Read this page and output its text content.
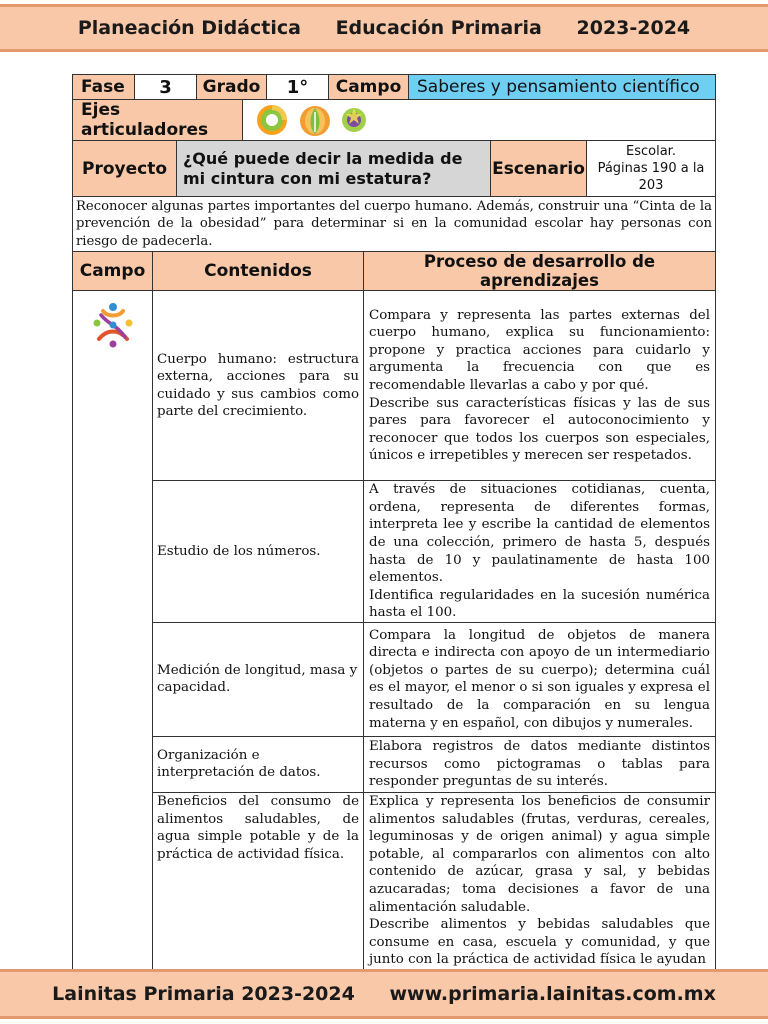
Planeación Didáctica Educación Primaria 2023-2024
Fase	3	Grado	1°	Campo	Saberes y pensamiento científico
Ejes articuladores	
Proyecto	¿Qué puede decir la medida de mi cintura con mi estatura?	Escenario	
Escolar.
Páginas 190 a la 203
Reconocer algunas partes importantes del cuerpo humano. Además, construir una “Cinta de la prevención de la obesidad” para determinar si en la comunidad escolar hay personas con riesgo de padecerla.
Campo	Contenidos	Proceso de desarrollo de aprendizajes
	Cuerpo humano: estructura externa, acciones para su cuidado y sus cambios como parte del crecimiento.	Compara y representa las partes externas del cuerpo humano, explica su funcionamiento: propone y practica acciones para cuidarlo y argumenta la frecuencia con que es recomendable llevarlas a cabo y por qué.
Describe sus características físicas y las de sus pares para favorecer el autoconocimiento y reconocer que todos los cuerpos son especiales, únicos e irrepetibles y merecen ser respetados.

	Estudio de los números.	A través de situaciones cotidianas, cuenta, ordena, representa de diferentes formas, interpreta lee y escribe la cantidad de elementos de una colección, primero de hasta 5, después hasta de 10 y paulatinamente de hasta 100 elementos.
Identifica regularidades en la sucesión numérica hasta el 100.

	Medición de longitud, masa y capacidad.	Compara la longitud de objetos de manera directa e indirecta con apoyo de un intermediario (objetos o partes de su cuerpo); determina cuál es el mayor, el menor o si son iguales y expresa el resultado de la comparación en su lengua materna y en español, con dibujos y numerales.

	Organización e interpretación de datos.	Elabora registros de datos mediante distintos recursos como pictogramas o tablas para responder preguntas de su interés.

	Beneficios del consumo de alimentos saludables, de agua simple potable y de la práctica de actividad física.	Explica y representa los beneficios de consumir alimentos saludables (frutas, verduras, cereales, leguminosas y de origen animal) y agua simple potable, al compararlos con alimentos con alto contenido de azúcar, grasa y sal, y bebidas azucaradas; toma decisiones a favor de una alimentación saludable.
Describe alimentos y bebidas saludables que consume en casa, escuela y comunidad, y que junto con la práctica de actividad física le ayudan
Lainitas Primaria 2023-2024 www.primaria.lainitas.com.mx
